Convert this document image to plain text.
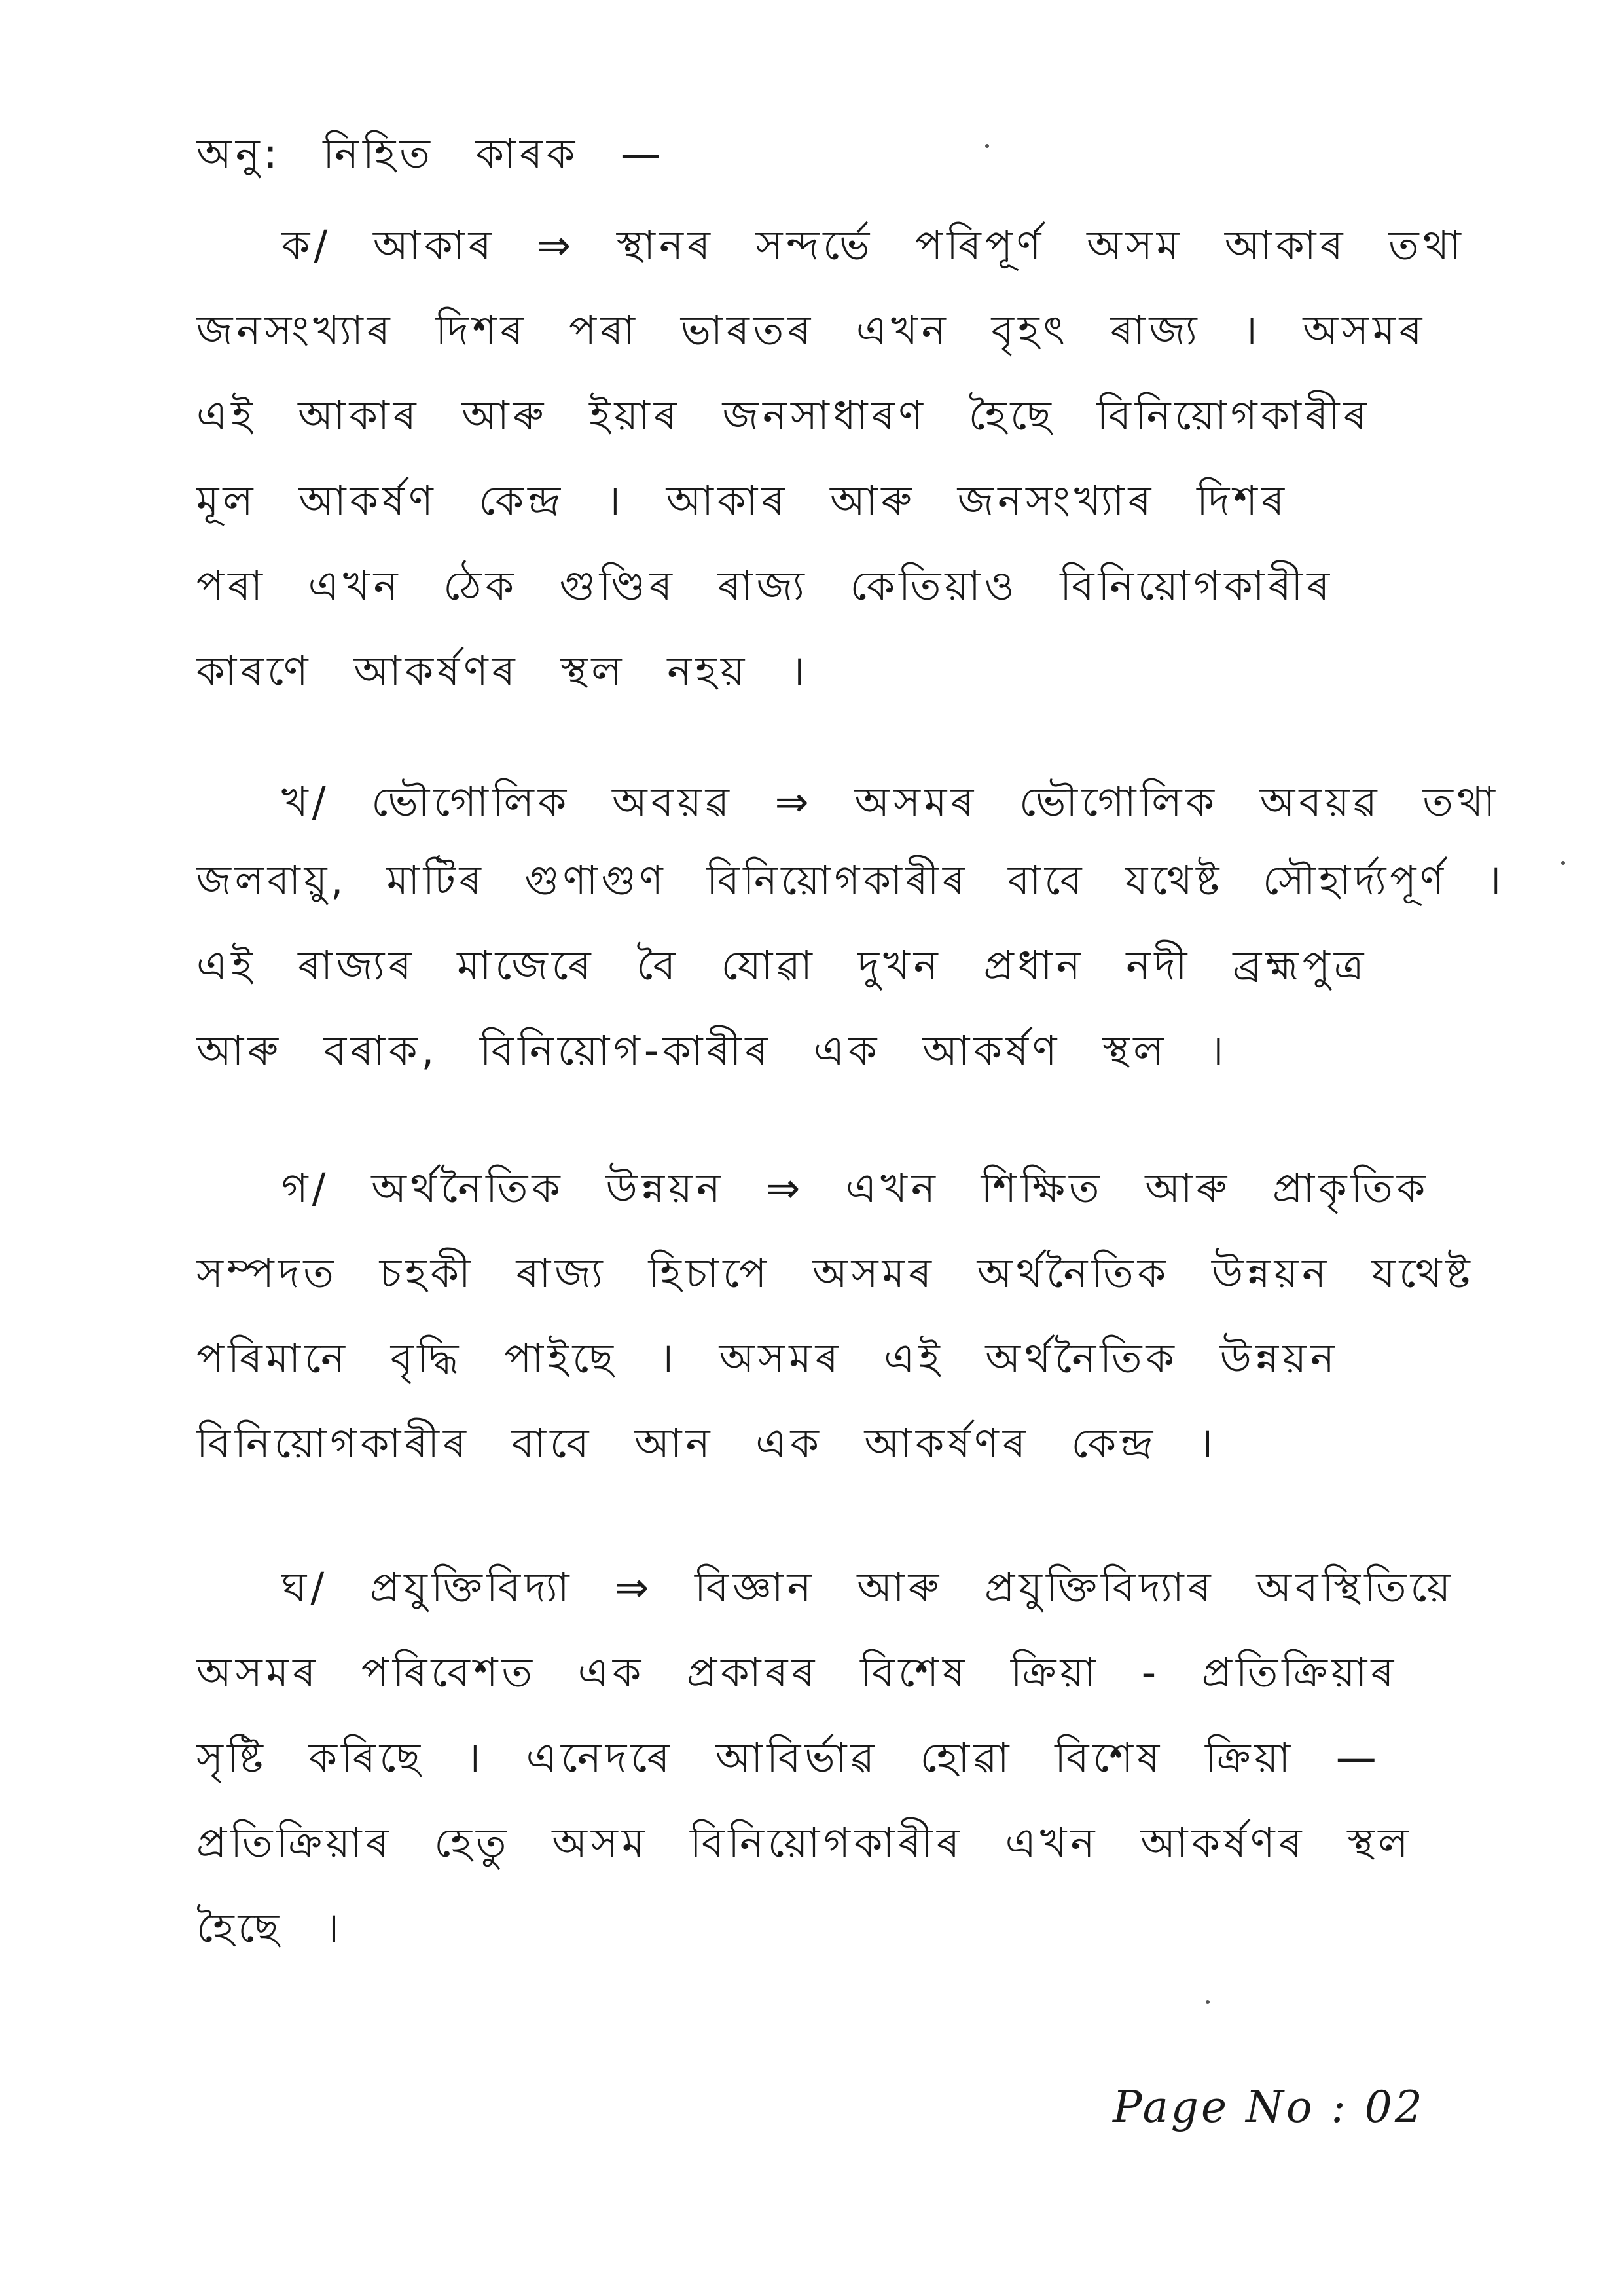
অনু: নিহিত কাৰক —
ক/ আকাৰ ⇒ স্থানৰ সন্দৰ্ভে পৰিপূৰ্ণ অসম আকাৰ তথা
জনসংখ্যাৰ দিশৰ পৰা ভাৰতৰ এখন বৃহৎ ৰাজ্য । অসমৰ
এই আকাৰ আৰু ইয়াৰ জনসাধাৰণ হৈছে বিনিয়োগকাৰীৰ
মূল আকৰ্ষণ কেন্দ্ৰ । আকাৰ আৰু জনসংখ্যাৰ দিশৰ
পৰা এখন ঠেক গুণ্ডিৰ ৰাজ্য কেতিয়াও বিনিয়োগকাৰীৰ
কাৰণে আকৰ্ষণৰ স্থল নহয় ।
খ/ ভৌগোলিক অবয়ৱ ⇒ অসমৰ ভৌগোলিক অবয়ৱ তথা
জলবায়ু, মাটিৰ গুণাগুণ বিনিয়োগকাৰীৰ বাবে যথেষ্ট সৌহাৰ্দ্যপূৰ্ণ ।
এই ৰাজ্যৰ মাজেৰে বৈ যোৱা দুখন প্ৰধান নদী ব্ৰহ্মপুত্ৰ
আৰু বৰাক, বিনিয়োগ-কাৰীৰ এক আকৰ্ষণ স্থল ।
গ/ অৰ্থনৈতিক উন্নয়ন ⇒ এখন শিক্ষিত আৰু প্ৰাকৃতিক
সম্পদত চহকী ৰাজ্য হিচাপে অসমৰ অৰ্থনৈতিক উন্নয়ন যথেষ্ট
পৰিমানে বৃদ্ধি পাইছে । অসমৰ এই অৰ্থনৈতিক উন্নয়ন
বিনিয়োগকাৰীৰ বাবে আন এক আকৰ্ষণৰ কেন্দ্ৰ ।
ঘ/ প্ৰযুক্তিবিদ্যা ⇒ বিজ্ঞান আৰু প্ৰযুক্তিবিদ্যাৰ অবস্থিতিয়ে
অসমৰ পৰিবেশত এক প্ৰকাৰৰ বিশেষ ক্ৰিয়া - প্ৰতিক্ৰিয়াৰ
সৃষ্টি কৰিছে । এনেদৰে আবিৰ্ভাৱ হোৱা বিশেষ ক্ৰিয়া —
প্ৰতিক্ৰিয়াৰ হেতু অসম বিনিয়োগকাৰীৰ এখন আকৰ্ষণৰ স্থল
হৈছে ।
Page No : 02
